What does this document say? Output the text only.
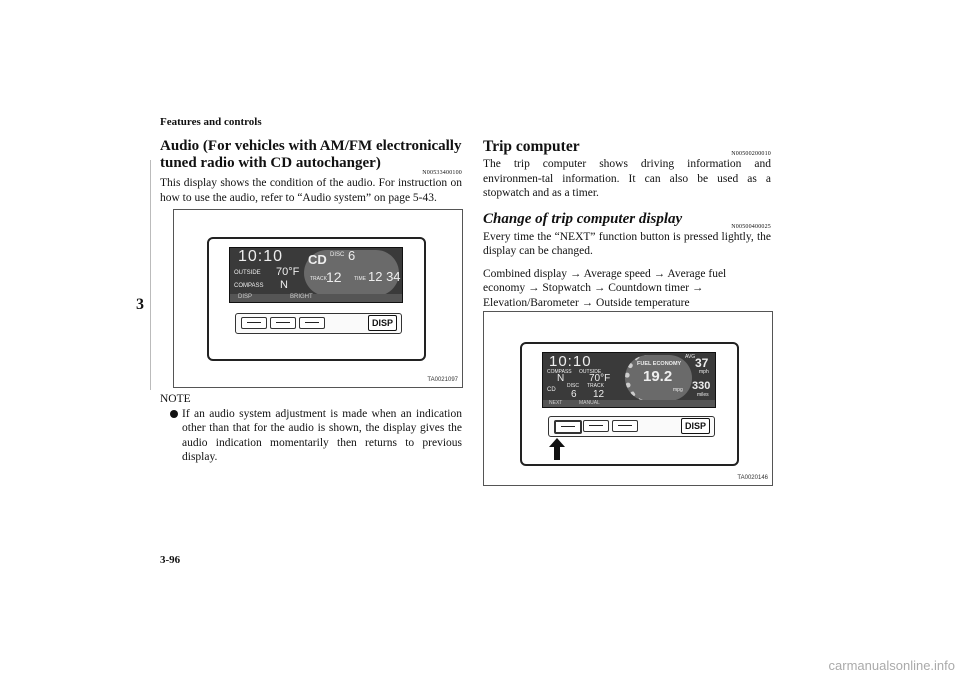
Features and controls
3
Audio (For vehicles with AM/FM electronically tuned radio with CD autochanger)
N00533400100

This display shows the condition of the audio. For instruction on how to use the audio, refer to “Audio system” on page 5-43.

10:10
OUTSIDE 70°F
COMPASS N
CD DISC 6
TRACK 12 TIME 12 34
DISP	BRIGHT
DISP
TA0021097

NOTE

If an audio system adjustment is made when an indication other than that for the audio is shown, the display gives the audio indication momentarily then returns to previous display.

Trip computer	N00500200010

The trip computer shows driving information and environmen-tal information. It can also be used as a stopwatch and as a timer.

Change of trip computer display	N00500400025

Every time the “NEXT” function button is pressed lightly, the display can be changed.

Combined display → Average speed → Average fuel economy → Stopwatch → Countdown timer → Elevation/Barometer → Outside temperature

10:10
COMPASS OUTSIDE
N 70°F
CD
DISC TRACK
6 12
FUEL ECONOMY
19.2
mpg
AVG 37
mph
330
miles
NEXT	MANUAL
DISP
TA0020146
3-96
carmanualsonline.info
